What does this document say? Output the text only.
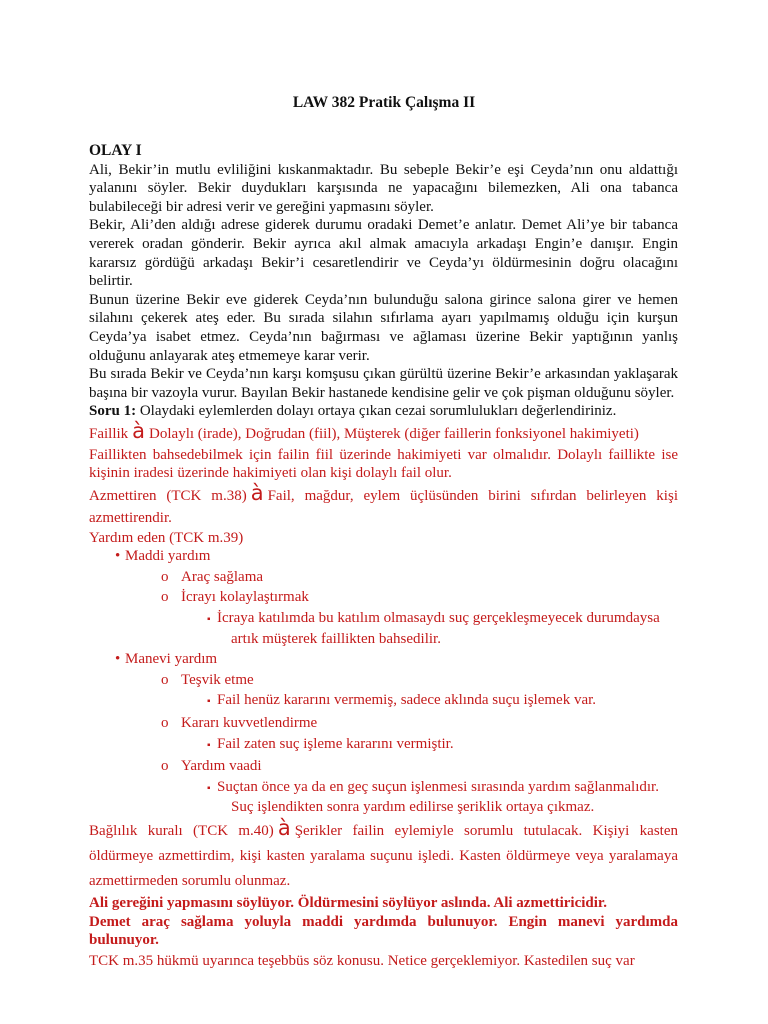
LAW 382 Pratik Çalışma II

OLAY I

Ali, Bekir’in mutlu evliliğini kıskanmaktadır. Bu sebeple Bekir’e eşi Ceyda’nın onu aldattığı yalanını söyler. Bekir duydukları karşısında ne yapacağını bilemezken, Ali ona tabanca bulabileceği bir adresi verir ve gereğini yapmasını söyler.

Bekir, Ali’den aldığı adrese giderek durumu oradaki Demet’e anlatır. Demet Ali’ye bir tabanca vererek oradan gönderir. Bekir ayrıca akıl almak amacıyla arkadaşı Engin’e danışır. Engin kararsız gördüğü arkadaşı Bekir’i cesaretlendirir ve Ceyda’yı öldürmesinin doğru olacağını belirtir.

Bunun üzerine Bekir eve giderek Ceyda’nın bulunduğu salona girince salona girer ve hemen silahını çekerek ateş eder. Bu sırada silahın sıfırlama ayarı yapılmamış olduğu için kurşun Ceyda’ya isabet etmez. Ceyda’nın bağırması ve ağlaması üzerine Bekir yaptığının yanlış olduğunu anlayarak ateş etmemeye karar verir.

Bu sırada Bekir ve Ceyda’nın karşı komşusu çıkan gürültü üzerine Bekir’e arkasından yaklaşarak başına bir vazoyla vurur. Bayılan Bekir hastanede kendisine gelir ve çok pişman olduğunu söyler.

Soru 1: Olaydaki eylemlerden dolayı ortaya çıkan cezai sorumlulukları değerlendiriniz.

Faillik à Dolaylı (irade), Doğrudan (fiil), Müşterek (diğer faillerin fonksiyonel hakimiyeti)

Faillikten bahsedebilmek için failin fiil üzerinde hakimiyeti var olmalıdır. Dolaylı faillikte ise kişinin iradesi üzerinde hakimiyeti olan kişi dolaylı fail olur.

Azmettiren (TCK m.38) à Fail, mağdur, eylem üçlüsünden birini sıfırdan belirleyen kişi azmettirendir.

Yardım eden (TCK m.39)

• Maddi yardım

o Araç sağlama

o İcrayı kolaylaştırmak

▪ İcraya katılımda bu katılım olmasaydı suç gerçekleşmeyecek durumdaysa

artık müşterek faillikten bahsedilir.

• Manevi yardım

o Teşvik etme

▪ Fail henüz kararını vermemiş, sadece aklında suçu işlemek var.

o Kararı kuvvetlendirme

▪ Fail zaten suç işleme kararını vermiştir.

o Yardım vaadi

▪ Suçtan önce ya da en geç suçun işlenmesi sırasında yardım sağlanmalıdır.

Suç işlendikten sonra yardım edilirse şeriklik ortaya çıkmaz.

Bağlılık kuralı (TCK m.40) à Şerikler failin eylemiyle sorumlu tutulacak. Kişiyi kasten öldürmeye azmettirdim, kişi kasten yaralama suçunu işledi. Kasten öldürmeye veya yaralamaya azmettirmeden sorumlu olunmaz.

Ali gereğini yapmasını söylüyor. Öldürmesini söylüyor aslında. Ali azmettiricidir.

Demet araç sağlama yoluyla maddi yardımda bulunuyor. Engin manevi yardımda bulunuyor.

TCK m.35 hükmü uyarınca teşebbüs söz konusu. Netice gerçeklemiyor. Kastedilen suç var
